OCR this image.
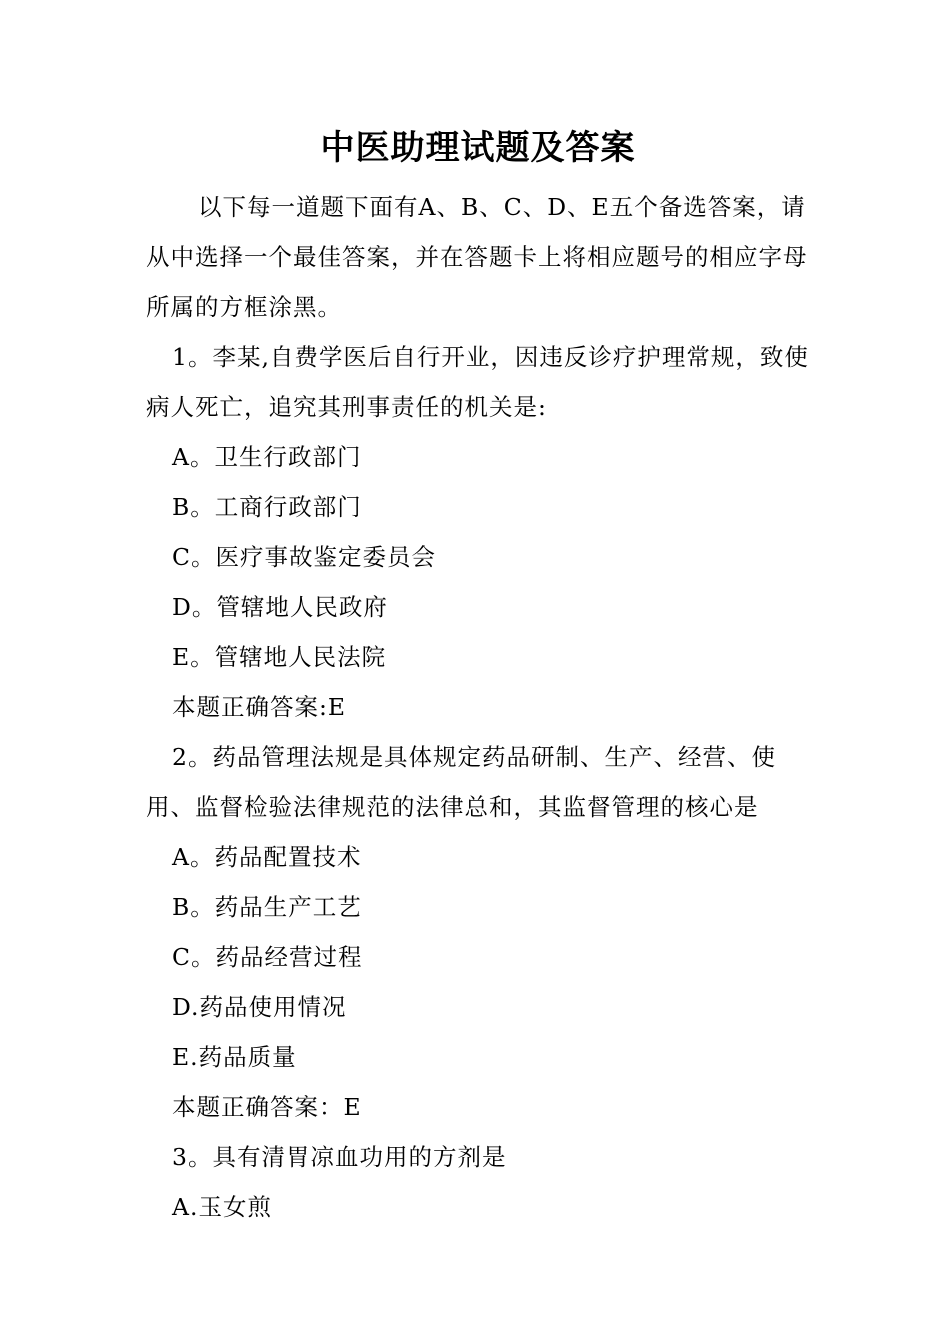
中医助理试题及答案

以下每一道题下面有A、B、C、D、E五个备选答案，请从中选择一个最佳答案，并在答题卡上将相应题号的相应字母所属的方框涂黑。

1。李某,自费学医后自行开业，因违反诊疗护理常规，致使病人死亡，追究其刑事责任的机关是:

A。卫生行政部门

B。工商行政部门

C。医疗事故鉴定委员会

D。管辖地人民政府

E。管辖地人民法院

本题正确答案:E

2。药品管理法规是具体规定药品研制、生产、经营、使用、监督检验法律规范的法律总和，其监督管理的核心是

A。药品配置技术

B。药品生产工艺

C。药品经营过程

D.药品使用情况

E.药品质量

本题正确答案：E

3。具有清胃凉血功用的方剂是

A.玉女煎
